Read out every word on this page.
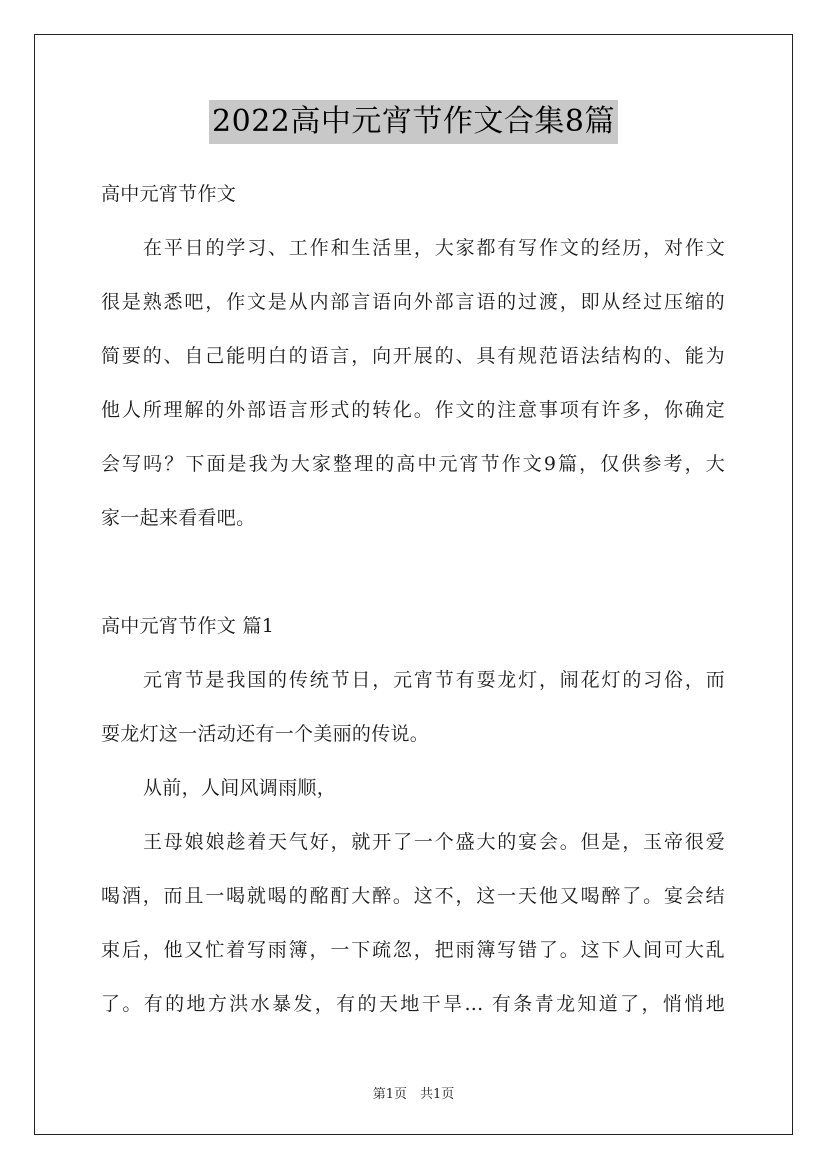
2022高中元宵节作文合集8篇
高中元宵节作文
在平日的学习、工作和生活里，大家都有写作文的经历，对作文
很是熟悉吧，作文是从内部言语向外部言语的过渡，即从经过压缩的
简要的、自己能明白的语言，向开展的、具有规范语法结构的、能为
他人所理解的外部语言形式的转化。作文的注意事项有许多，你确定
会写吗？下面是我为大家整理的高中元宵节作文9篇，仅供参考，大
家一起来看看吧。
高中元宵节作文 篇1
元宵节是我国的传统节日，元宵节有耍龙灯，闹花灯的习俗，而
耍龙灯这一活动还有一个美丽的传说。
从前，人间风调雨顺，
王母娘娘趁着天气好，就开了一个盛大的宴会。但是，玉帝很爱
喝酒，而且一喝就喝的酩酊大醉。这不，这一天他又喝醉了。宴会结
束后，他又忙着写雨簿，一下疏忽，把雨簿写错了。这下人间可大乱
了。有的地方洪水暴发，有的天地干旱... 有条青龙知道了，悄悄地
第1页　共1页
